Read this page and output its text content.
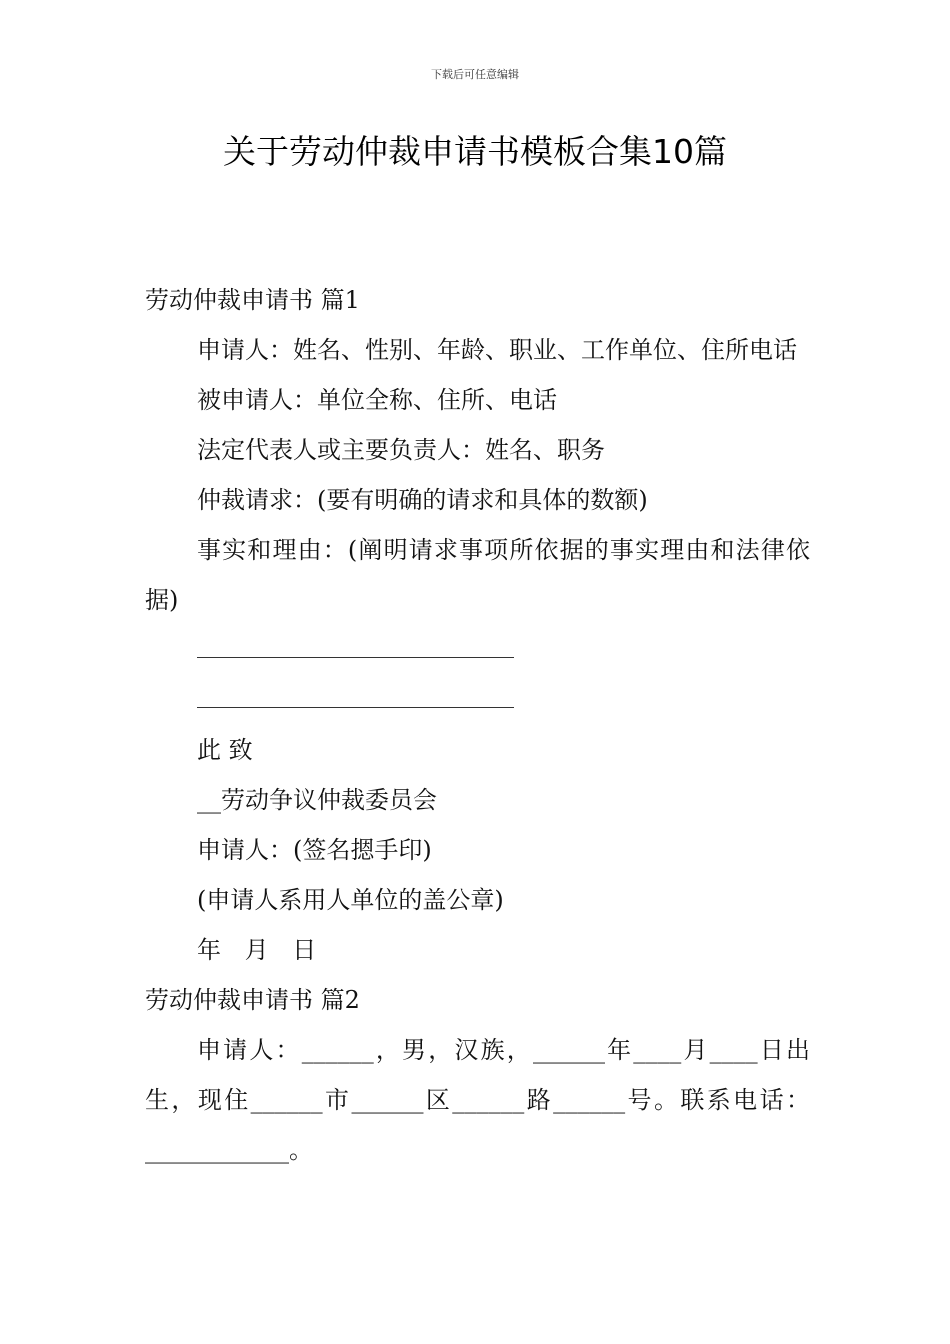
下载后可任意编辑
关于劳动仲裁申请书模板合集10篇
劳动仲裁申请书 篇1
申请人：姓名、性别、年龄、职业、工作单位、住所电话
被申请人：单位全称、住所、电话
法定代表人或主要负责人：姓名、职务
仲裁请求：(要有明确的请求和具体的数额)
事实和理由：(阐明请求事项所依据的事实理由和法律依据)
此 致
__劳动争议仲裁委员会
申请人：(签名摁手印)
(申请人系用人单位的盖公章)
年 月 日
劳动仲裁申请书 篇2
申请人：______，男，汉族，______年____月____日出生，现住______市______区______路______号。联系电话：____________。
